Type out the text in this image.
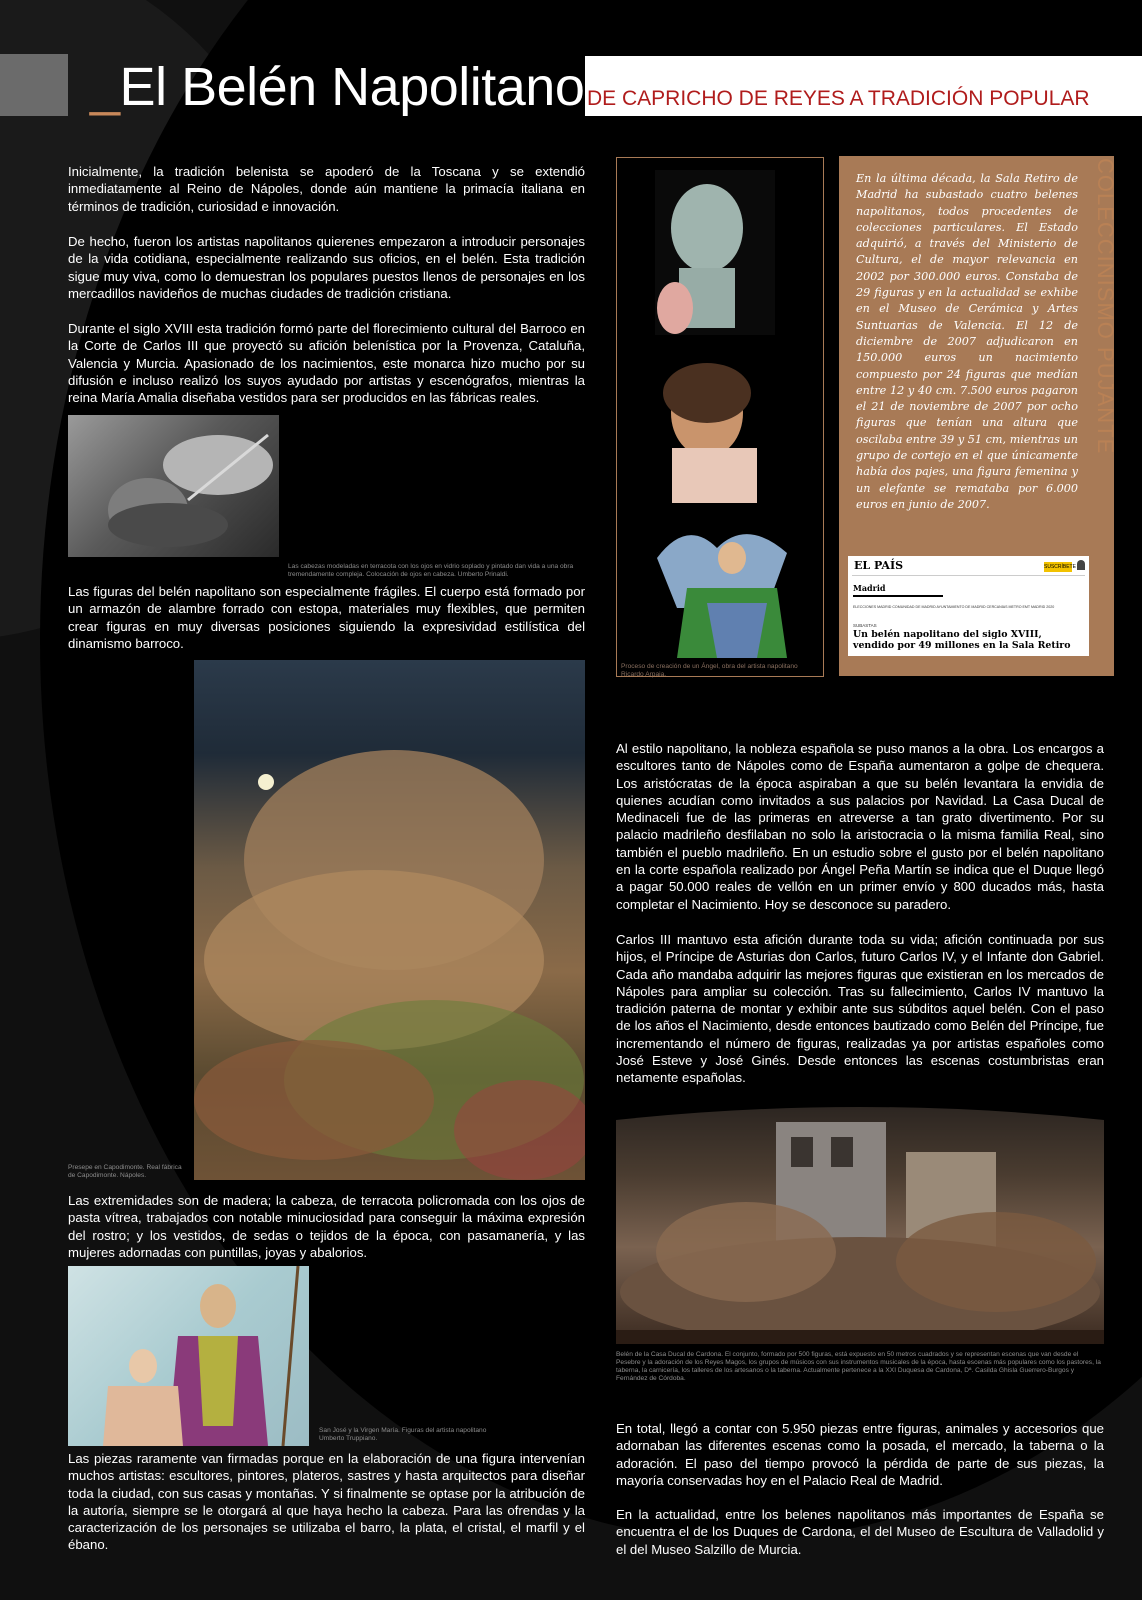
_El Belén Napolitano DE CAPRICHO DE REYES A TRADICIÓN POPULAR
Inicialmente, la tradición belenista se apoderó de la Toscana y se extendió inmediatamente al Reino de Nápoles, donde aún mantiene la primacía italiana en términos de tradición, curiosidad e innovación.
De hecho, fueron los artistas napolitanos quierenes empezaron a introducir personajes de la vida cotidiana, especialmente realizando sus oficios, en el belén. Esta tradición sigue muy viva, como lo demuestran los populares puestos llenos de personajes en los mercadillos navideños de muchas ciudades de tradición cristiana.
Durante el siglo XVIII esta tradición formó parte del florecimiento cultural del Barroco en la Corte de Carlos III que proyectó su afición belenística por la Provenza, Cataluña, Valencia y Murcia. Apasionado de los nacimientos, este monarca hizo mucho por su difusión e incluso realizó los suyos ayudado por artistas y escenógrafos, mientras la reina María Amalia diseñaba vestidos para ser producidos en las fábricas reales.
Las cabezas modeladas en terracota con los ojos en vidrio soplado y pintado dan vida a una obra tremendamente compleja. Colocación de ojos en cabeza. Umberto Prinaldi.
Las figuras del belén napolitano son especialmente frágiles. El cuerpo está formado por un armazón de alambre forrado con estopa, materiales muy flexibles, que permiten crear figuras en muy diversas posiciones siguiendo la expresividad estilística del dinamismo barroco.
Presepe en Capodimonte. Real fábrica de Capodimonte. Nápoles.
Las extremidades son de madera; la cabeza, de terracota policromada con los ojos de pasta vítrea, trabajados con notable minuciosidad para conseguir la máxima expresión del rostro; y los vestidos, de sedas o tejidos de la época, con pasamanería, y las mujeres adornadas con puntillas, joyas y abalorios.
San José y la Virgen María. Figuras del artista napolitano Umberto Truppiano.
Las piezas raramente van firmadas porque en la elaboración de una figura intervenían muchos artistas: escultores, pintores, plateros, sastres y hasta arquitectos para diseñar toda la ciudad, con sus casas y montañas. Y si finalmente se optase por la atribución de la autoría, siempre se le otorgará al que haya hecho la cabeza. Para las ofrendas y la caracterización de los personajes se utilizaba el barro, la plata, el cristal, el marfil y el ébano.
Proceso de creación de un Ángel, obra del artista napolitano Ricardo Arpaia.
En la última década, la Sala Retiro de Madrid ha subastado cuatro belenes napolitanos, todos procedentes de colecciones particulares. El Estado adquirió, a través del Ministerio de Cultura, el de mayor relevancia en 2002 por 300.000 euros. Constaba de 29 figuras y en la actualidad se exhibe en el Museo de Cerámica y Artes Suntuarias de Valencia. El 12 de diciembre de 2007 adjudicaron en 150.000 euros un nacimiento compuesto por 24 figuras que medían entre 12 y 40 cm. 7.500 euros pagaron el 21 de noviembre de 2007 por ocho figuras que tenían una altura que oscilaba entre 39 y 51 cm, mientras un grupo de cortejo en el que únicamente había dos pajes, una figura femenina y un elefante se remataba por 6.000 euros en junio de 2007.
COLECCINISMO PUJANTE
EL PAÍS	SUSCRÍBETE
Madrid
ELECCIONES MADRID COMUNIDAD DE MADRID AYUNTAMIENTO DE MADRID CERCANÍAS METRO EMT MADRID 2020
SUBASTAS
Un belén napolitano del siglo XVIII, vendido por 49 millones en la Sala Retiro
Al estilo napolitano, la nobleza española se puso manos a la obra. Los encargos a escultores tanto de Nápoles como de España aumentaron a golpe de chequera. Los aristócratas de la época aspiraban a que su belén levantara la envidia de quienes acudían como invitados a sus palacios por Navidad. La Casa Ducal de Medinaceli fue de las primeras en atreverse a tan grato divertimento. Por su palacio madrileño desfilaban no solo la aristocracia o la misma familia Real, sino también el pueblo madrileño. En un estudio sobre el gusto por el belén napolitano en la corte española realizado por Ángel Peña Martín se indica que el Duque llegó a pagar 50.000 reales de vellón en un primer envío y 800 ducados más, hasta completar el Nacimiento. Hoy se desconoce su paradero.
Carlos III mantuvo esta afición durante toda su vida; afición continuada por sus hijos, el Príncipe de Asturias don Carlos, futuro Carlos IV, y el Infante don Gabriel. Cada año mandaba adquirir las mejores figuras que existieran en los mercados de Nápoles para ampliar su colección. Tras su fallecimiento, Carlos IV mantuvo la tradición paterna de montar y exhibir ante sus súbditos aquel belén. Con el paso de los años el Nacimiento, desde entonces bautizado como Belén del Príncipe, fue incrementando el número de figuras, realizadas ya por artistas españoles como José Esteve y José Ginés. Desde entonces las escenas costumbristas eran netamente españolas.
Belén de la Casa Ducal de Cardona. El conjunto, formado por 500 figuras, está expuesto en 50 metros cuadrados y se representan escenas que van desde el Pesebre y la adoración de los Reyes Magos, los grupos de músicos con sus instrumentos musicales de la época, hasta escenas más populares como los pastores, la taberna, la carnicería, los talleres de los artesanos o la taberna. Actualmente pertenece a la XXI Duquesa de Cardona, Dª. Casilda Ghisla Guerrero-Burgos y Fernández de Córdoba.
En total, llegó a contar con 5.950 piezas entre figuras, animales y accesorios que adornaban las diferentes escenas como la posada, el mercado, la taberna o la adoración. El paso del tiempo provocó la pérdida de parte de sus piezas, la mayoría conservadas hoy en el Palacio Real de Madrid.
En la actualidad, entre los belenes napolitanos más importantes de España se encuentra el de los Duques de Cardona, el del Museo de Escultura de Valladolid y el del Museo Salzillo de Murcia.
